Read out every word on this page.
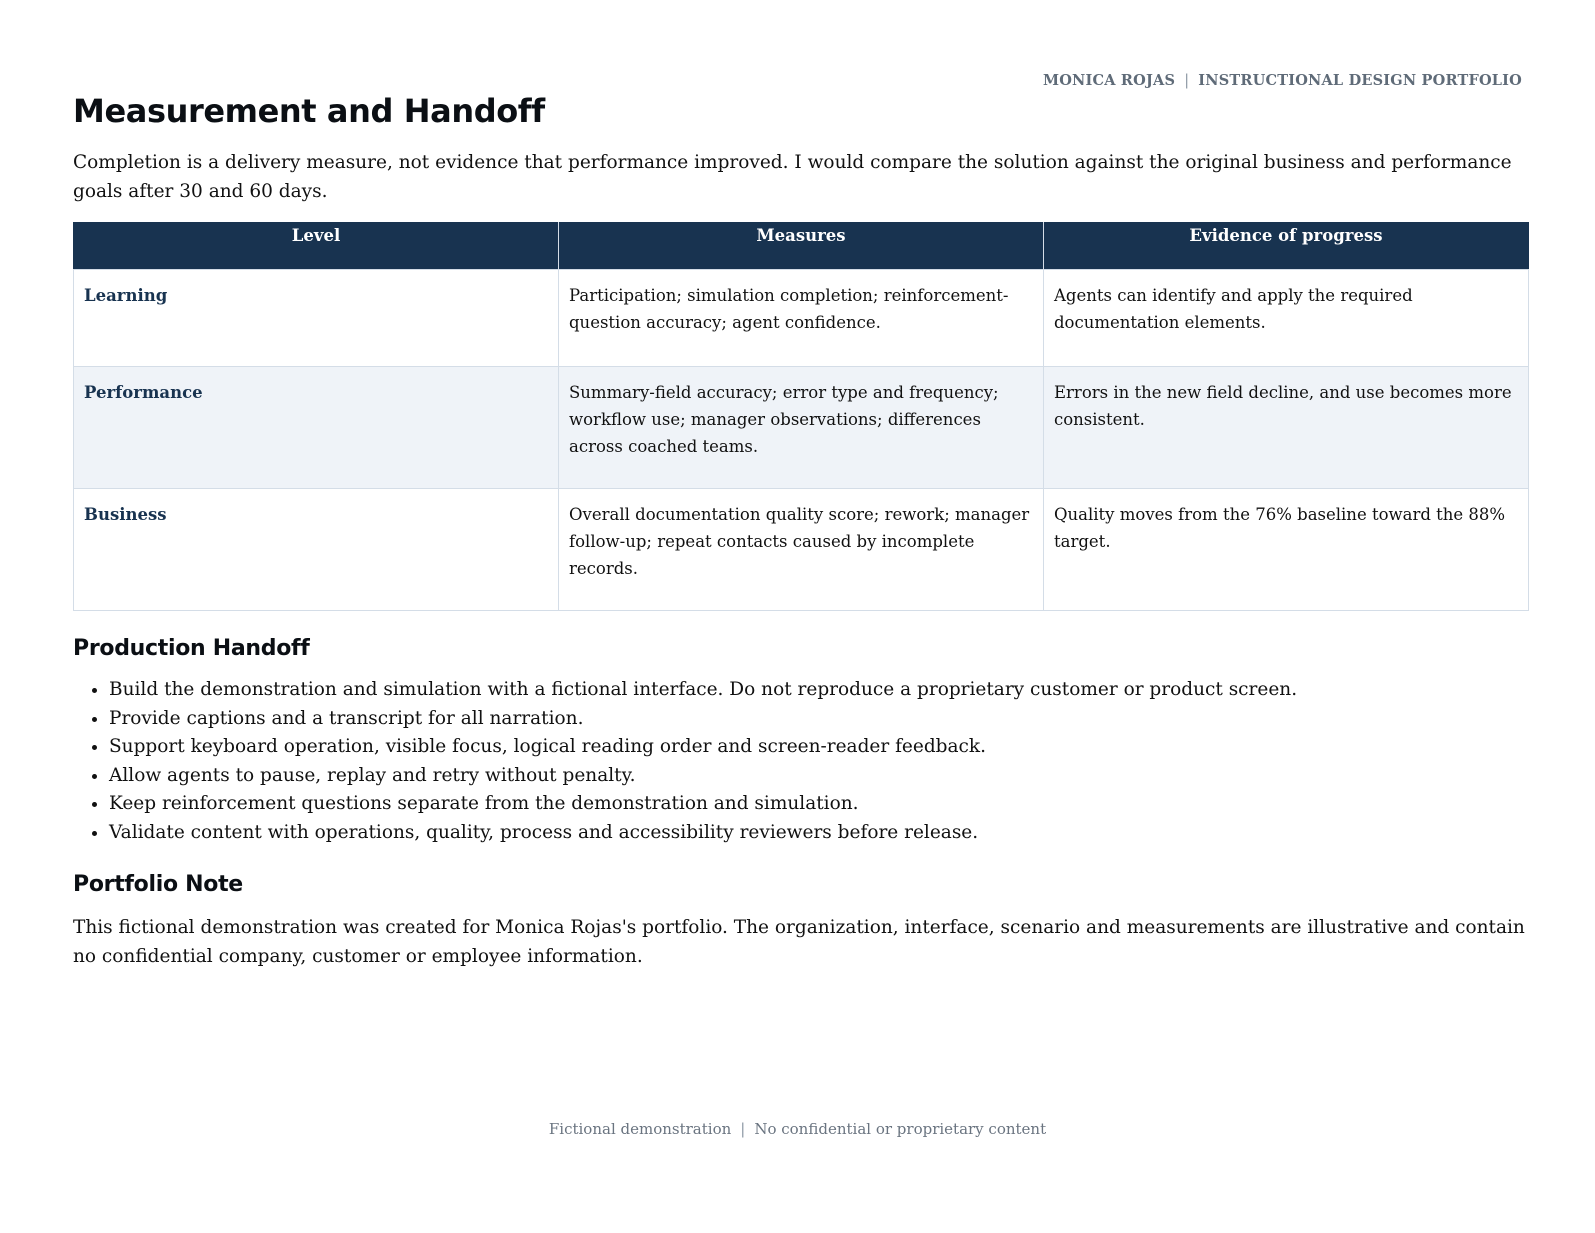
MONICA ROJAS | INSTRUCTIONAL DESIGN PORTFOLIO
Measurement and Handoff

Completion is a delivery measure, not evidence that performance improved. I would compare the solution against the original business and performance goals after 30 and 60 days.

Level	Measures	Evidence of progress
Learning	Participation; simulation completion; reinforcement-question accuracy; agent confidence.	Agents can identify and apply the required documentation elements.
Performance	Summary-field accuracy; error type and frequency; workflow use; manager observations; differences across coached teams.	Errors in the new field decline, and use becomes more consistent.
Business	Overall documentation quality score; rework; manager follow-up; repeat contacts caused by incomplete records.	Quality moves from the 76% baseline toward the 88% target.
Production Handoff
• Build the demonstration and simulation with a fictional interface. Do not reproduce a proprietary customer or product screen.
• Provide captions and a transcript for all narration.
• Support keyboard operation, visible focus, logical reading order and screen-reader feedback.
• Allow agents to pause, replay and retry without penalty.
• Keep reinforcement questions separate from the demonstration and simulation.
• Validate content with operations, quality, process and accessibility reviewers before release.
Portfolio Note

This fictional demonstration was created for Monica Rojas's portfolio. The organization, interface, scenario and measurements are illustrative and contain no confidential company, customer or employee information.

Fictional demonstration | No confidential or proprietary content
